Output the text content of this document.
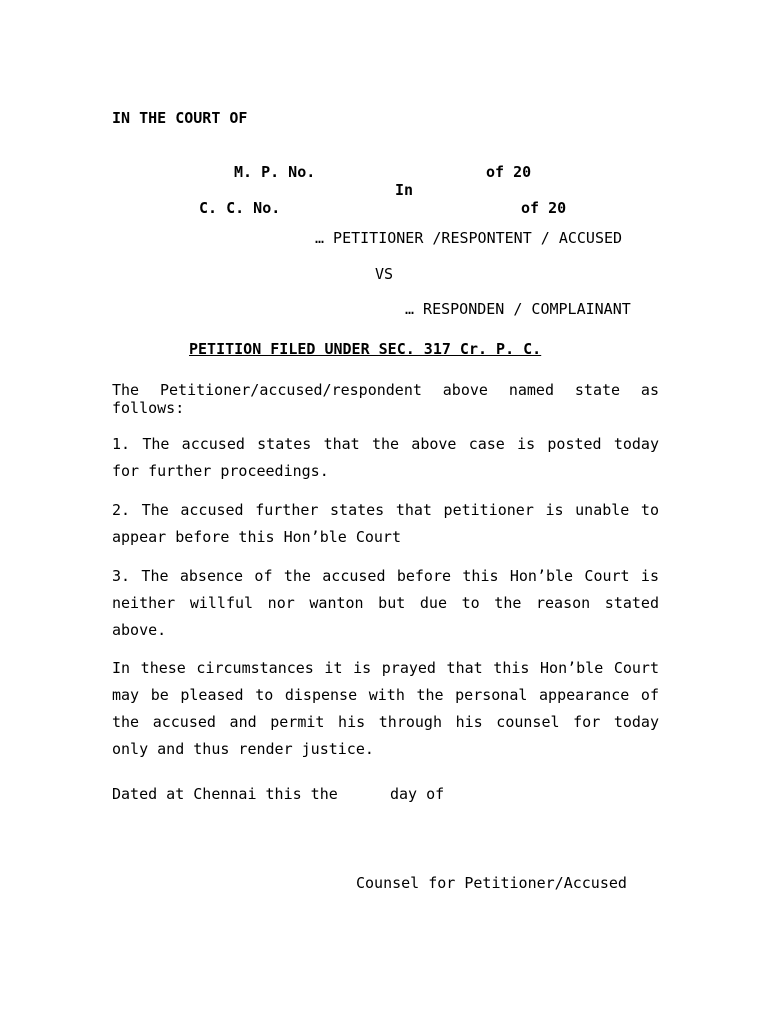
IN THE COURT OF
M. P. No.	of 20
In
C. C. No.	of 20
… PETITIONER /RESPONTENT / ACCUSED
VS
… RESPONDEN / COMPLAINANT
PETITION FILED UNDER SEC. 317 Cr. P. C.
The Petitioner/accused/respondent above named state as follows:
1. The accused states that the above case is posted today for further proceedings.
2. The accused further states that petitioner is unable to appear before this Hon’ble Court
3. The absence of the accused before this Hon’ble Court is neither willful nor wanton but due to the reason stated above.
In these circumstances it is prayed that this Hon’ble Court may be pleased to dispense with the personal appearance of the accused and permit his through his counsel for today only and thus render justice.
Dated at Chennai this the	day of
Counsel for Petitioner/Accused
